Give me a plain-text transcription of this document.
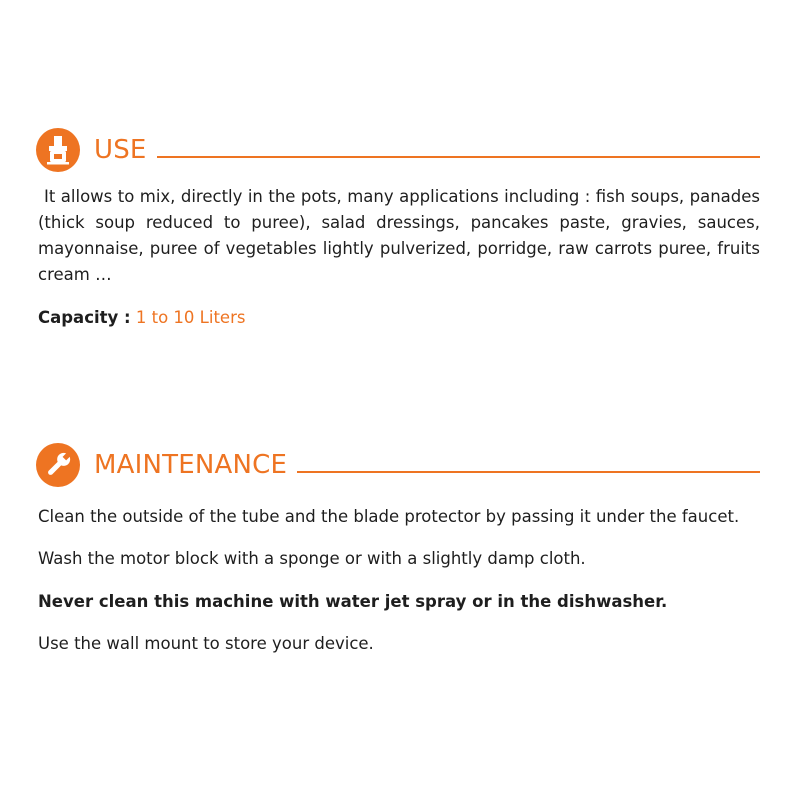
USE

It allows to mix, directly in the pots, many applications including : fish soups, panades (thick soup reduced to puree), salad dressings, pancakes paste, gravies, sauces, mayonnaise, puree of vegetables lightly pulverized, porridge, raw carrots puree, fruits cream …

Capacity : 1 to 10 Liters

MAINTENANCE

Clean the outside of the tube and the blade protector by passing it under the faucet.

Wash the motor block with a sponge or with a slightly damp cloth.

Never clean this machine with water jet spray or in the dishwasher.

Use the wall mount to store your device.
